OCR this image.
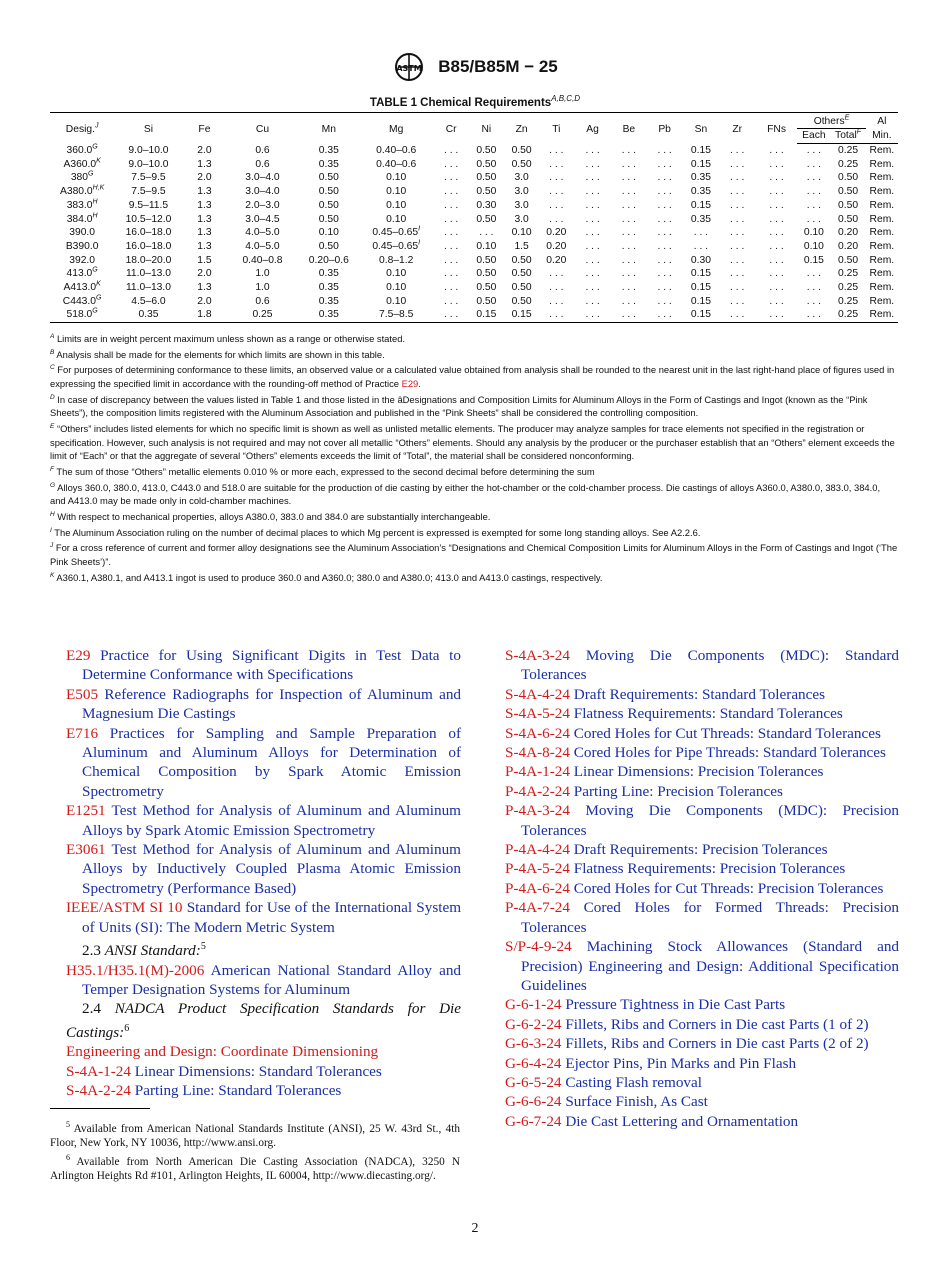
ASTM B85/B85M − 25
TABLE 1 Chemical Requirements$^{A,B,C,D}$
Desig.$^J$	Si	Fe	Cu	Mn	Mg	Cr	Ni	Zn	Ti	Ag	Be	Pb	Sn	Zr	FNs	Others$^E$		Al
																Each	Total$^F$	Min.
$360.0^G$	9.0–10.0	2.0	0.6	0.35	0.40–0.6	. . .	0.50	0.50	. . .	. . .	. . .	. . .	0.15	. . .	. . .	. . .	0.25	Rem.
$A360.0^K$	9.0–10.0	1.3	0.6	0.35	0.40–0.6	. . .	0.50	0.50	. . .	. . .	. . .	. . .	0.15	. . .	. . .	. . .	0.25	Rem.
$380^G$	7.5–9.5	2.0	3.0–4.0	0.50	0.10	. . .	0.50	3.0	. . .	. . .	. . .	. . .	0.35	. . .	. . .	. . .	0.50	Rem.
$A380.0^{H,K}$	7.5–9.5	1.3	3.0–4.0	0.50	0.10	. . .	0.50	3.0	. . .	. . .	. . .	. . .	0.35	. . .	. . .	. . .	0.50	Rem.
$383.0^H$	9.5–11.5	1.3	2.0–3.0	0.50	0.10	. . .	0.30	3.0	. . .	. . .	. . .	. . .	0.15	. . .	. . .	. . .	0.50	Rem.
$384.0^H$	10.5–12.0	1.3	3.0–4.5	0.50	0.10	. . .	0.50	3.0	. . .	. . .	. . .	. . .	0.35	. . .	. . .	. . .	0.50	Rem.
390.0	16.0–18.0	1.3	4.0–5.0	0.10	$0.45-0.65^I$	. . .	. . .	0.10	0.20	. . .	. . .	. . .	. . .	. . .	. . .	0.10	0.20	Rem.
B390.0	16.0–18.0	1.3	4.0–5.0	0.50	$0.45-0.65^I$	. . .	0.10	1.5	0.20	. . .	. . .	. . .	. . .	. . .	. . .	0.10	0.20	Rem.
392.0	18.0–20.0	1.5	0.40–0.8	0.20–0.6	0.8–1.2	. . .	0.50	0.50	0.20	. . .	. . .	. . .	0.30	. . .	. . .	0.15	0.50	Rem.
$413.0^G$	11.0–13.0	2.0	1.0	0.35	0.10	. . .	0.50	0.50	. . .	. . .	. . .	. . .	0.15	. . .	. . .	. . .	0.25	Rem.
$A413.0^K$	11.0–13.0	1.3	1.0	0.35	0.10	. . .	0.50	0.50	. . .	. . .	. . .	. . .	0.15	. . .	. . .	. . .	0.25	Rem.
$C443.0^G$	4.5–6.0	2.0	0.6	0.35	0.10	. . .	0.50	0.50	. . .	. . .	. . .	. . .	0.15	. . .	. . .	. . .	0.25	Rem.
$518.0^G$	0.35	1.8	0.25	0.35	7.5–8.5	. . .	0.15	0.15	. . .	. . .	. . .	. . .	0.15	. . .	. . .	. . .	0.25	Rem.

$^A$ Limits are in weight percent maximum unless shown as a range or otherwise stated.

$^B$ Analysis shall be made for the elements for which limits are shown in this table.

$^C$ For purposes of determining conformance to these limits, an observed value or a calculated value obtained from analysis shall be rounded to the nearest unit in the last right-hand place of figures used in expressing the specified limit in accordance with the rounding-off method of Practice E29.

$^D$ In case of discrepancy between the values listed in Table 1 and those listed in the âDesignations and Composition Limits for Aluminum Alloys in the Form of Castings and Ingot (known as the “Pink Sheets”), the composition limits registered with the Aluminum Association and published in the “Pink Sheets” shall be considered the controlling composition.

$^E$ “Others” includes listed elements for which no specific limit is shown as well as unlisted metallic elements. The producer may analyze samples for trace elements not specified in the registration or specification. However, such analysis is not required and may not cover all metallic “Others” elements. Should any analysis by the producer or the purchaser establish that an “Others” element exceeds the limit of “Each” or that the aggregate of several “Others” elements exceeds the limit of “Total”, the material shall be considered nonconforming.

$^F$ The sum of those “Others” metallic elements 0.010 % or more each, expressed to the second decimal before determining the sum

$^G$ Alloys 360.0, 380.0, 413.0, C443.0 and 518.0 are suitable for the production of die casting by either the hot-chamber or the cold-chamber process. Die castings of alloys A360.0, A380.0, 383.0, 384.0, and A413.0 may be made only in cold-chamber machines.

$^H$ With respect to mechanical properties, alloys A380.0, 383.0 and 384.0 are substantially interchangeable.

$^I$ The Aluminum Association ruling on the number of decimal places to which Mg percent is expressed is exempted for some long standing alloys. See A2.2.6.

$^J$ For a cross reference of current and former alloy designations see the Aluminum Association’s “Designations and Chemical Composition Limits for Aluminum Alloys in the Form of Castings and Ingot (‘The Pink Sheets’)”.

$^K$ A360.1, A380.1, and A413.1 ingot is used to produce 360.0 and A360.0; 380.0 and A380.0; 413.0 and A413.0 castings, respectively.

E29 Practice for Using Significant Digits in Test Data to Determine Conformance with Specifications

E505 Reference Radiographs for Inspection of Aluminum and Magnesium Die Castings

E716 Practices for Sampling and Sample Preparation of Aluminum and Aluminum Alloys for Determination of Chemical Composition by Spark Atomic Emission Spectrometry

E1251 Test Method for Analysis of Aluminum and Aluminum Alloys by Spark Atomic Emission Spectrometry

E3061 Test Method for Analysis of Aluminum and Aluminum Alloys by Inductively Coupled Plasma Atomic Emission Spectrometry (Performance Based)

IEEE/ASTM SI 10 Standard for Use of the International System of Units (SI): The Modern Metric System

2.3 ANSI Standard:$^5$

H35.1/H35.1(M)-2006 American National Standard Alloy and Temper Designation Systems for Aluminum

2.4 NADCA Product Specification Standards for Die Castings:$^6$

Engineering and Design: Coordinate Dimensioning

S-4A-1-24 Linear Dimensions: Standard Tolerances

S-4A-2-24 Parting Line: Standard Tolerances

S-4A-3-24 Moving Die Components (MDC): Standard Tolerances

S-4A-4-24 Draft Requirements: Standard Tolerances

S-4A-5-24 Flatness Requirements: Standard Tolerances

S-4A-6-24 Cored Holes for Cut Threads: Standard Tolerances

S-4A-8-24 Cored Holes for Pipe Threads: Standard Tolerances

P-4A-1-24 Linear Dimensions: Precision Tolerances

P-4A-2-24 Parting Line: Precision Tolerances

P-4A-3-24 Moving Die Components (MDC): Precision Tolerances

P-4A-4-24 Draft Requirements: Precision Tolerances

P-4A-5-24 Flatness Requirements: Precision Tolerances

P-4A-6-24 Cored Holes for Cut Threads: Precision Tolerances

P-4A-7-24 Cored Holes for Formed Threads: Precision Tolerances

S/P-4-9-24 Machining Stock Allowances (Standard and Precision) Engineering and Design: Additional Specification Guidelines

G-6-1-24 Pressure Tightness in Die Cast Parts

G-6-2-24 Fillets, Ribs and Corners in Die cast Parts (1 of 2)

G-6-3-24 Fillets, Ribs and Corners in Die cast Parts (2 of 2)

G-6-4-24 Ejector Pins, Pin Marks and Pin Flash

G-6-5-24 Casting Flash removal

G-6-6-24 Surface Finish, As Cast

G-6-7-24 Die Cast Lettering and Ornamentation

$^5$ Available from American National Standards Institute (ANSI), 25 W. 43rd St., 4th Floor, New York, NY 10036, http://www.ansi.org.

$^6$ Available from North American Die Casting Association (NADCA), 3250 N Arlington Heights Rd #101, Arlington Heights, IL 60004, http://www.diecasting.org/.

2
